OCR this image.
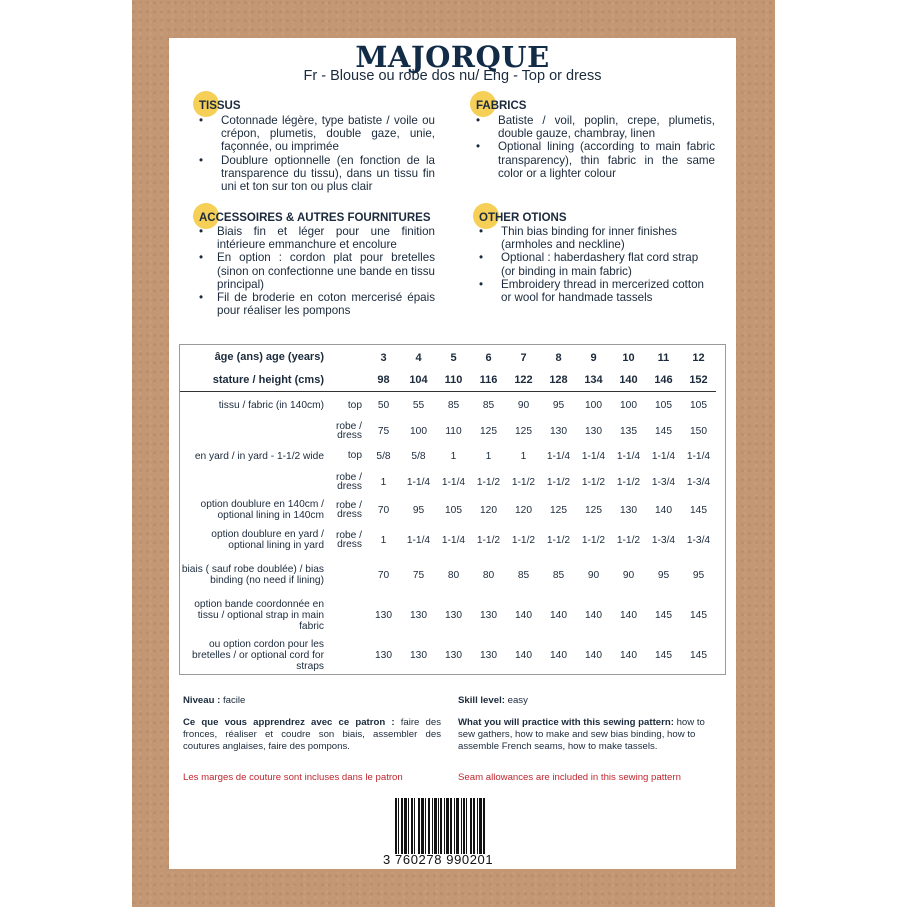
MAJORQUE
Fr - Blouse ou robe dos nu/ Eng - Top or dress
TISSUS
• Cotonnade légère, type batiste / voile ou crépon, plumetis, double gaze, unie, façonnée, ou imprimée
• Doublure optionnelle (en fonction de la transparence du tissu), dans un tissu fin uni et ton sur ton ou plus clair
FABRICS
• Batiste / voil, poplin, crepe, plumetis, double gauze, chambray, linen
• Optional lining (according to main fabric transparency), thin fabric in the same color or a lighter colour
ACCESSOIRES & AUTRES FOURNITURES
• Biais fin et léger pour une finition intérieure emmanchure et encolure
• En option : cordon plat pour bretelles (sinon on confectionne une bande en tissu principal)
• Fil de broderie en coton mercerisé épais pour réaliser les pompons
OTHER OTIONS
• Thin bias binding for inner finishes (armholes and neckline)
• Optional : haberdashery flat cord strap (or binding in main fabric)
• Embroidery thread in mercerized cotton or wool for handmade tassels
âge (ans) age (years)		3	4	5	6	7	8	9	10	11	12
stature / height (cms)		98	104	110	116	122	128	134	140	146	152
tissu / fabric (in 140cm)	top	50	55	85	85	90	95	100	100	105	105
	robe / dress	75	100	110	125	125	130	130	135	145	150
en yard / in yard - 1-1/2 wide	top	5/8	5/8	1	1	1	1-1/4	1-1/4	1-1/4	1-1/4	1-1/4
	robe / dress	1	1-1/4	1-1/4	1-1/2	1-1/2	1-1/2	1-1/2	1-1/2	1-3/4	1-3/4
option doublure en 140cm / optional lining in 140cm	robe / dress	70	95	105	120	120	125	125	130	140	145
option doublure en yard / optional lining in yard	robe / dress	1	1-1/4	1-1/4	1-1/2	1-1/2	1-1/2	1-1/2	1-1/2	1-3/4	1-3/4
biais ( sauf robe doublée) / bias binding (no need if lining)		70	75	80	80	85	85	90	90	95	95
option bande coordonnée en tissu / optional strap in main fabric		130	130	130	130	140	140	140	140	145	145
ou option cordon pour les bretelles / or optional cord for straps		130	130	130	130	140	140	140	140	145	145
Niveau : facile
Ce que vous apprendrez avec ce patron : faire des fronces, réaliser et coudre son biais, assembler des coutures anglaises, faire des pompons.
Les marges de couture sont incluses dans le patron
Skill level: easy
What you will practice with this sewing pattern: how to sew gathers, how to make and sew bias binding, how to assemble French seams, how to make tassels.
Seam allowances are included in this sewing pattern
3 760278 990201
